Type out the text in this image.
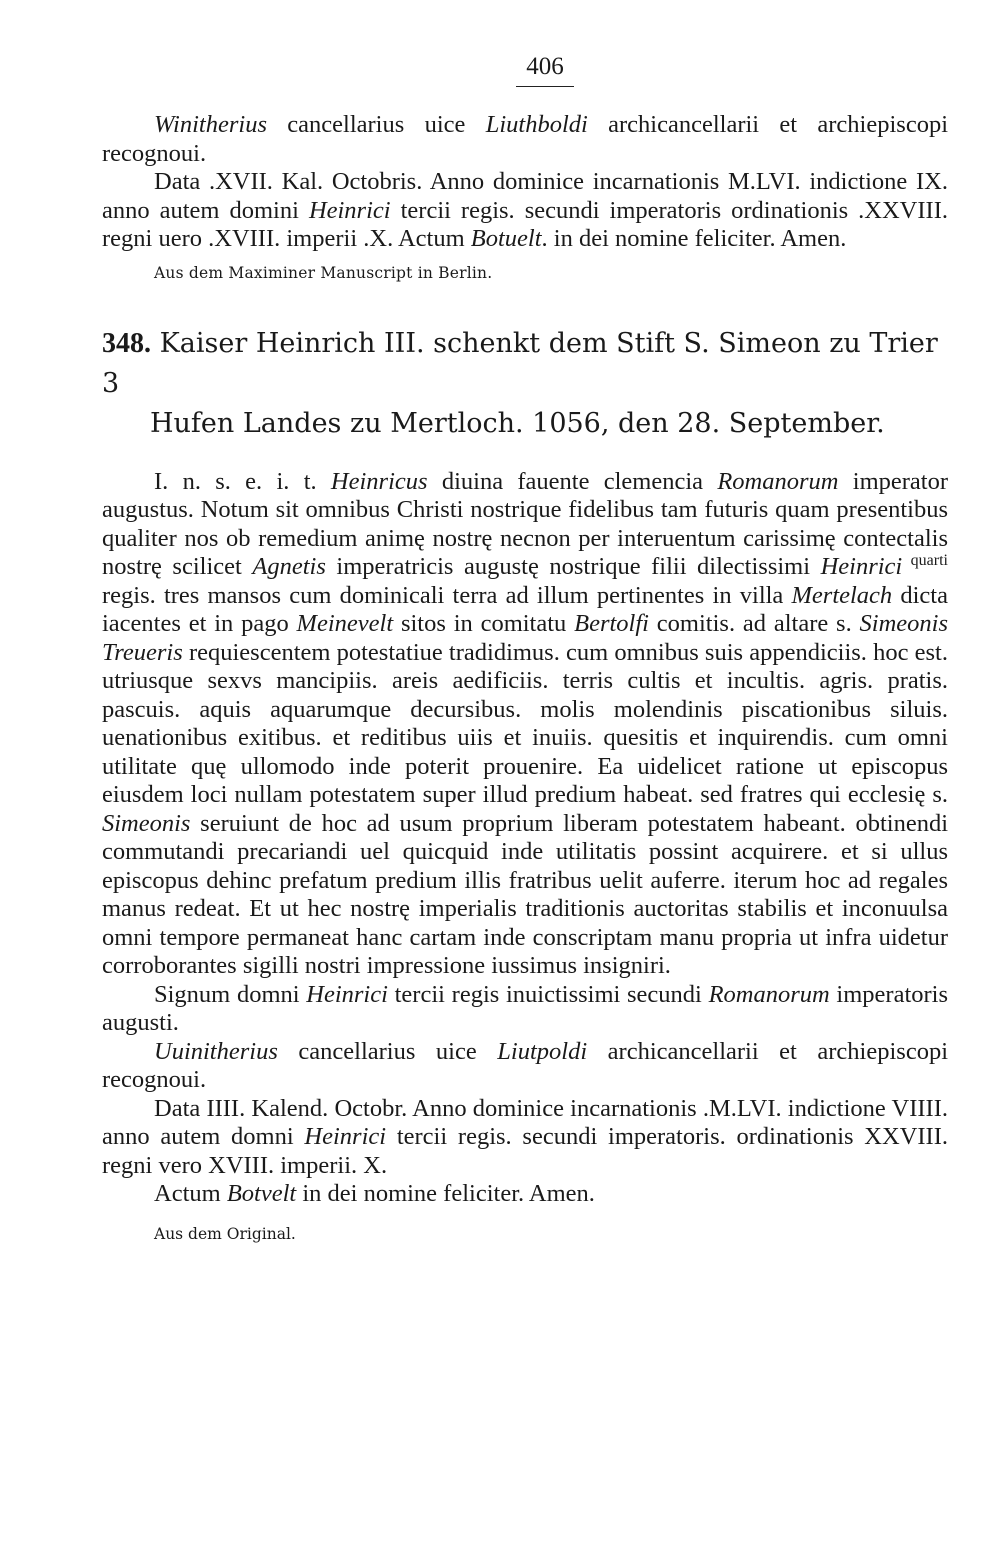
406

Winitherius cancellarius uice Liuthboldi archicancellarii et archiepiscopi recognoui.

Data .XVII. Kal. Octobris. Anno dominice incarnationis M.LVI. indictione IX. anno autem domini Heinrici tercii regis. secundi imperatoris ordinationis .XXVIII. regni uero .XVIII. imperii .X. Actum Botuelt. in dei nomine feliciter. Amen.

Aus dem Maximiner Manuscript in Berlin.
348. Kaiser Heinrich III. schenkt dem Stift S. Simeon zu Trier 3
Hufen Landes zu Mertloch. 1056, den 28. September.

I. n. s. e. i. t. Heinricus diuina fauente clemencia Romanorum imperator augustus. Notum sit omnibus Christi nostrique fidelibus tam futuris quam presentibus qualiter nos ob remedium animę nostrę necnon per interuentum carissimę contectalis nostrę scilicet Agnetis imperatricis augustę nostrique filii dilectissimi Heinrici $^{quarti}$ regis. tres mansos cum dominicali terra ad illum pertinentes in villa Mertelach dicta iacentes et in pago Meinevelt sitos in comitatu Bertolfi comitis. ad altare s. Simeonis Treueris requiescentem potestatiue tradidimus. cum omnibus suis appendiciis. hoc est. utriusque sexvs mancipiis. areis aedificiis. terris cultis et incultis. agris. pratis. pascuis. aquis aquarumque decursibus. molis molendinis piscationibus siluis. uenationibus exitibus. et reditibus uiis et inuiis. quesitis et inquirendis. cum omni utilitate quę ullomodo inde poterit prouenire. Ea uidelicet ratione ut episcopus eiusdem loci nullam potestatem super illud predium habeat. sed fratres qui ecclesię s. Simeonis seruiunt de hoc ad usum proprium liberam potestatem habeant. obtinendi commutandi precariandi uel quicquid inde utilitatis possint acquirere. et si ullus episcopus dehinc prefatum predium illis fratribus uelit auferre. iterum hoc ad regales manus redeat. Et ut hec nostrę imperialis traditionis auctoritas stabilis et inconuulsa omni tempore permaneat hanc cartam inde conscriptam manu propria ut infra uidetur corroborantes sigilli nostri impressione iussimus insigniri.

Signum domni Heinrici tercii regis inuictissimi secundi Romanorum imperatoris augusti.

Uuinitherius cancellarius uice Liutpoldi archicancellarii et archiepiscopi recognoui.

Data IIII. Kalend. Octobr. Anno dominice incarnationis .M.LVI. indictione VIIII. anno autem domni Heinrici tercii regis. secundi imperatoris. ordinationis XXVIII. regni vero XVIII. imperii. X.

Actum Botvelt in dei nomine feliciter. Amen.

Aus dem Original.
